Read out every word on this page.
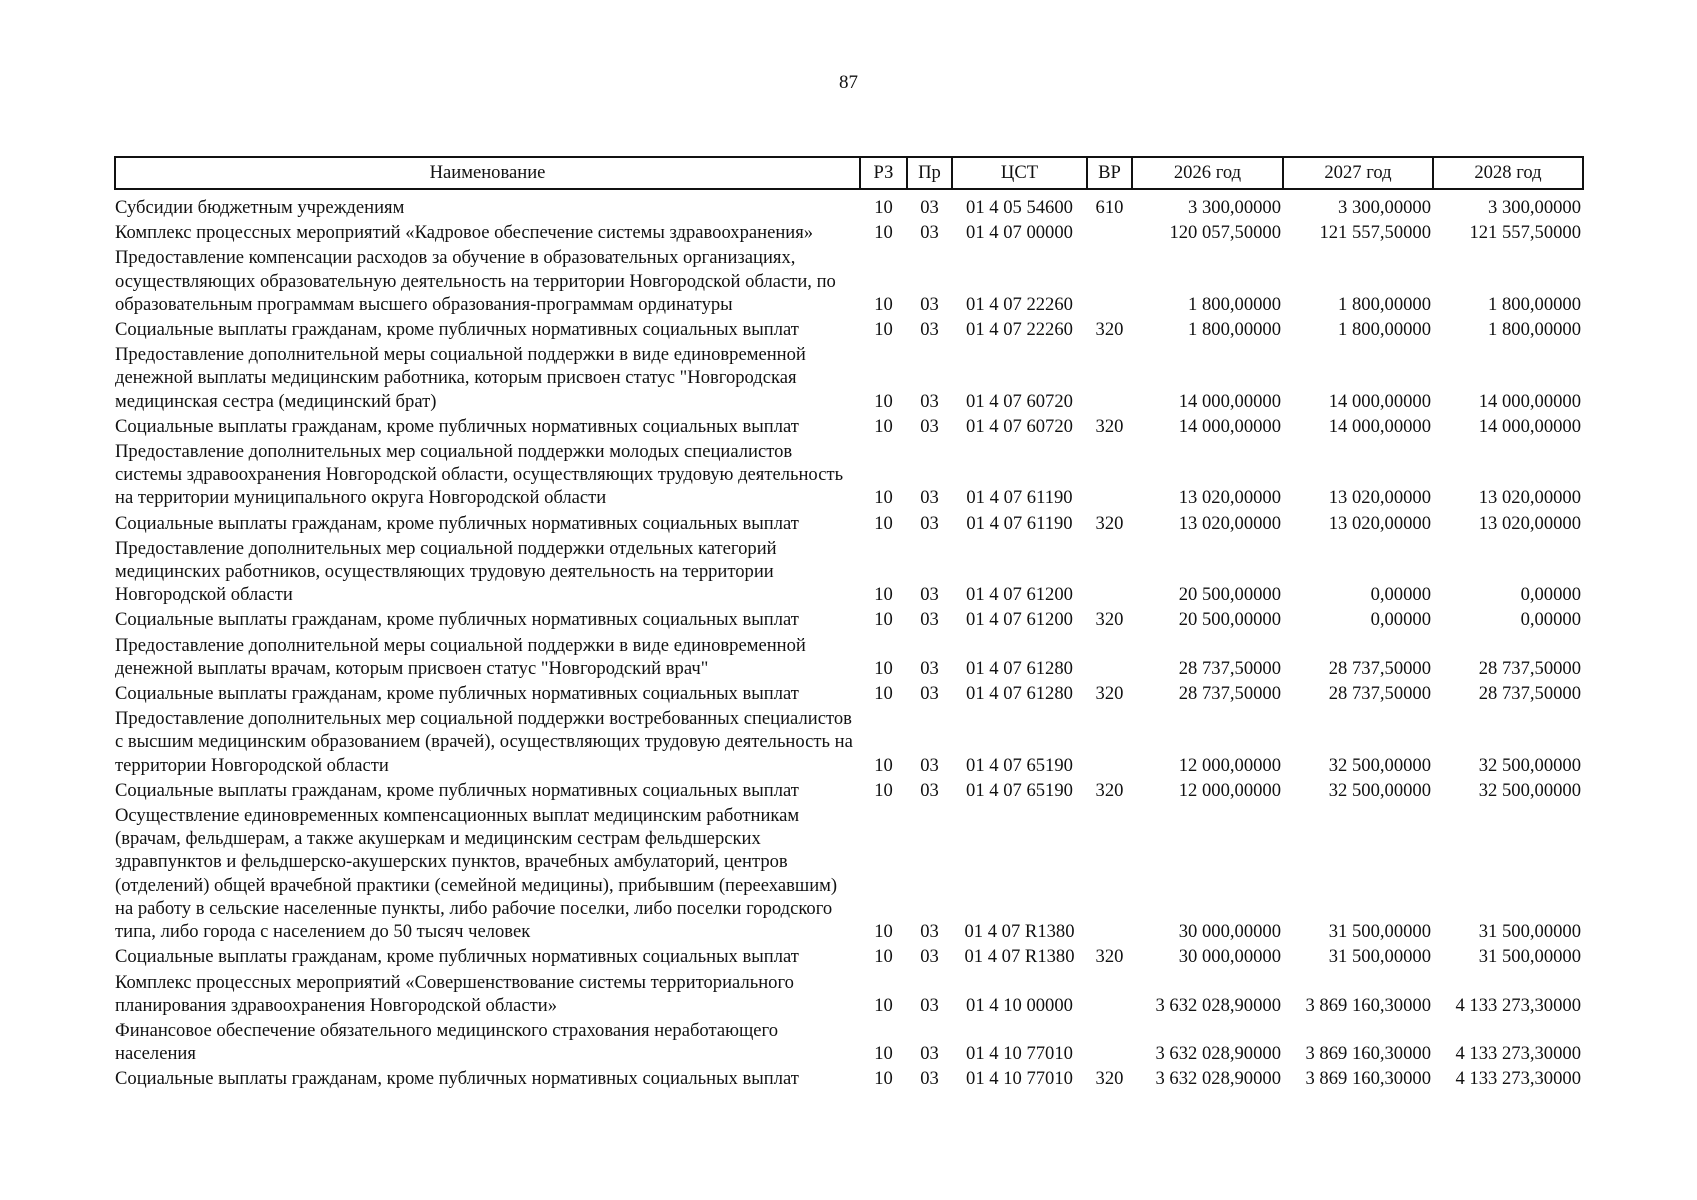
87
Наименование	РЗ	Пр	ЦСТ	ВР	2026 год	2027 год	2028 год
Субсидии бюджетным учреждениям	10	03	01 4 05 54600	610	3 300,00000	3 300,00000	3 300,00000
Комплекс процессных мероприятий «Кадровое обеспечение системы здравоохранения»	10	03	01 4 07 00000		120 057,50000	121 557,50000	121 557,50000
Предоставление компенсации расходов за обучение в образовательных организациях, осуществляющих образовательную деятельность на территории Новгородской области, по образовательным программам высшего образования-программам ординатуры	10	03	01 4 07 22260		1 800,00000	1 800,00000	1 800,00000
Социальные выплаты гражданам, кроме публичных нормативных социальных выплат	10	03	01 4 07 22260	320	1 800,00000	1 800,00000	1 800,00000
Предоставление дополнительной меры социальной поддержки в виде единовременной денежной выплаты медицинским работника, которым присвоен статус "Новгородская медицинская сестра (медицинский брат)	10	03	01 4 07 60720		14 000,00000	14 000,00000	14 000,00000
Социальные выплаты гражданам, кроме публичных нормативных социальных выплат	10	03	01 4 07 60720	320	14 000,00000	14 000,00000	14 000,00000
Предоставление дополнительных мер социальной поддержки молодых специалистов системы здравоохранения Новгородской области, осуществляющих трудовую деятельность на территории муниципального округа Новгородской области	10	03	01 4 07 61190		13 020,00000	13 020,00000	13 020,00000
Социальные выплаты гражданам, кроме публичных нормативных социальных выплат	10	03	01 4 07 61190	320	13 020,00000	13 020,00000	13 020,00000
Предоставление дополнительных мер социальной поддержки отдельных категорий медицинских работников, осуществляющих трудовую деятельность на территории Новгородской области	10	03	01 4 07 61200		20 500,00000	0,00000	0,00000
Социальные выплаты гражданам, кроме публичных нормативных социальных выплат	10	03	01 4 07 61200	320	20 500,00000	0,00000	0,00000
Предоставление дополнительной меры социальной поддержки в виде единовременной денежной выплаты врачам, которым присвоен статус "Новгородский врач"	10	03	01 4 07 61280		28 737,50000	28 737,50000	28 737,50000
Социальные выплаты гражданам, кроме публичных нормативных социальных выплат	10	03	01 4 07 61280	320	28 737,50000	28 737,50000	28 737,50000
Предоставление дополнительных мер социальной поддержки востребованных специалистов с высшим медицинским образованием (врачей), осуществляющих трудовую деятельность на территории Новгородской области	10	03	01 4 07 65190		12 000,00000	32 500,00000	32 500,00000
Социальные выплаты гражданам, кроме публичных нормативных социальных выплат	10	03	01 4 07 65190	320	12 000,00000	32 500,00000	32 500,00000
Осуществление единовременных компенсационных выплат медицинским работникам (врачам, фельдшерам, а также акушеркам и медицинским сестрам фельдшерских здравпунктов и фельдшерско-акушерских пунктов, врачебных амбулаторий, центров (отделений) общей врачебной практики (семейной медицины), прибывшим (переехавшим) на работу в сельские населенные пункты, либо рабочие поселки, либо поселки городского типа, либо города с населением до 50 тысяч человек	10	03	01 4 07 R1380		30 000,00000	31 500,00000	31 500,00000
Социальные выплаты гражданам, кроме публичных нормативных социальных выплат	10	03	01 4 07 R1380	320	30 000,00000	31 500,00000	31 500,00000
Комплекс процессных мероприятий «Совершенствование системы территориального планирования здравоохранения Новгородской области»	10	03	01 4 10 00000		3 632 028,90000	3 869 160,30000	4 133 273,30000
Финансовое обеспечение обязательного медицинского страхования неработающего населения	10	03	01 4 10 77010		3 632 028,90000	3 869 160,30000	4 133 273,30000
Социальные выплаты гражданам, кроме публичных нормативных социальных выплат	10	03	01 4 10 77010	320	3 632 028,90000	3 869 160,30000	4 133 273,30000
